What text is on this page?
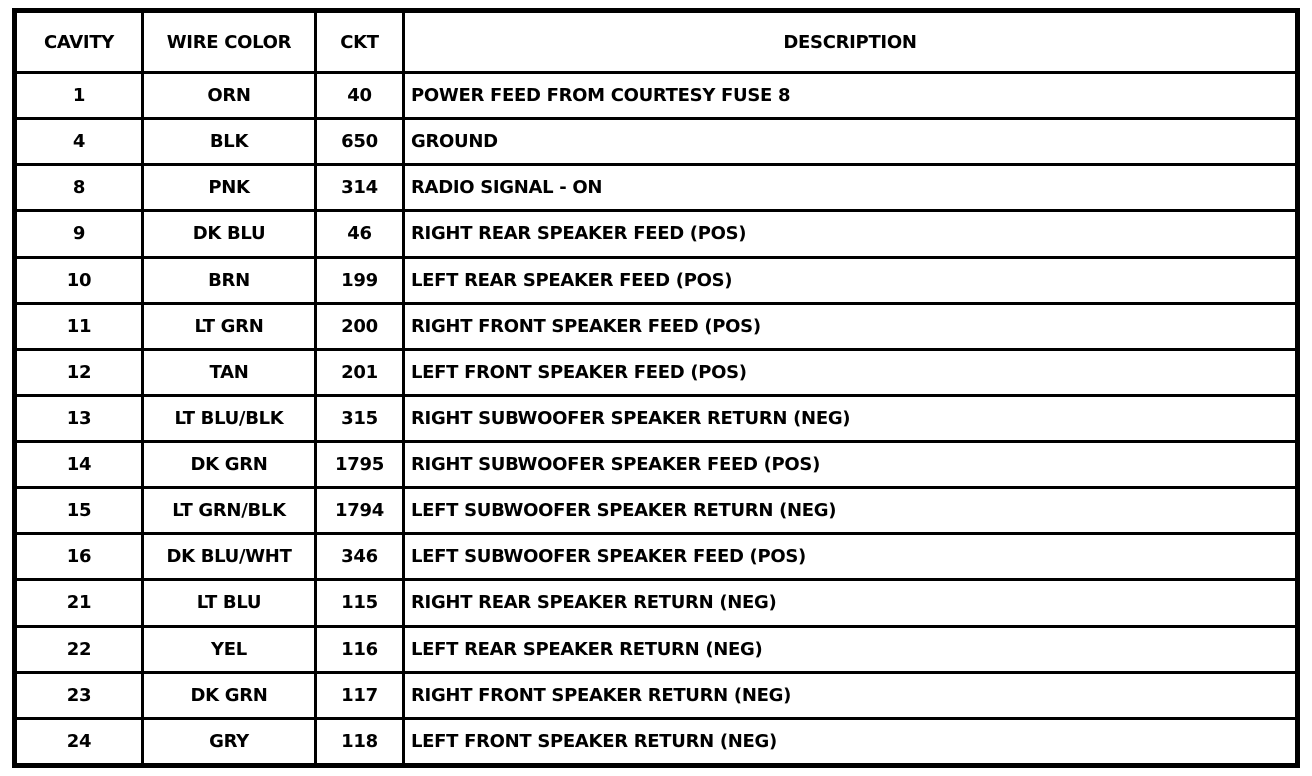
CAVITY	WIRE COLOR	CKT	DESCRIPTION
1	ORN	40	POWER FEED FROM COURTESY FUSE 8
4	BLK	650	GROUND
8	PNK	314	RADIO SIGNAL - ON
9	DK BLU	46	RIGHT REAR SPEAKER FEED (POS)
10	BRN	199	LEFT REAR SPEAKER FEED (POS)
11	LT GRN	200	RIGHT FRONT SPEAKER FEED (POS)
12	TAN	201	LEFT FRONT SPEAKER FEED (POS)
13	LT BLU/BLK	315	RIGHT SUBWOOFER SPEAKER RETURN (NEG)
14	DK GRN	1795	RIGHT SUBWOOFER SPEAKER FEED (POS)
15	LT GRN/BLK	1794	LEFT SUBWOOFER SPEAKER RETURN (NEG)
16	DK BLU/WHT	346	LEFT SUBWOOFER SPEAKER FEED (POS)
21	LT BLU	115	RIGHT REAR SPEAKER RETURN (NEG)
22	YEL	116	LEFT REAR SPEAKER RETURN (NEG)
23	DK GRN	117	RIGHT FRONT SPEAKER RETURN (NEG)
24	GRY	118	LEFT FRONT SPEAKER RETURN (NEG)
